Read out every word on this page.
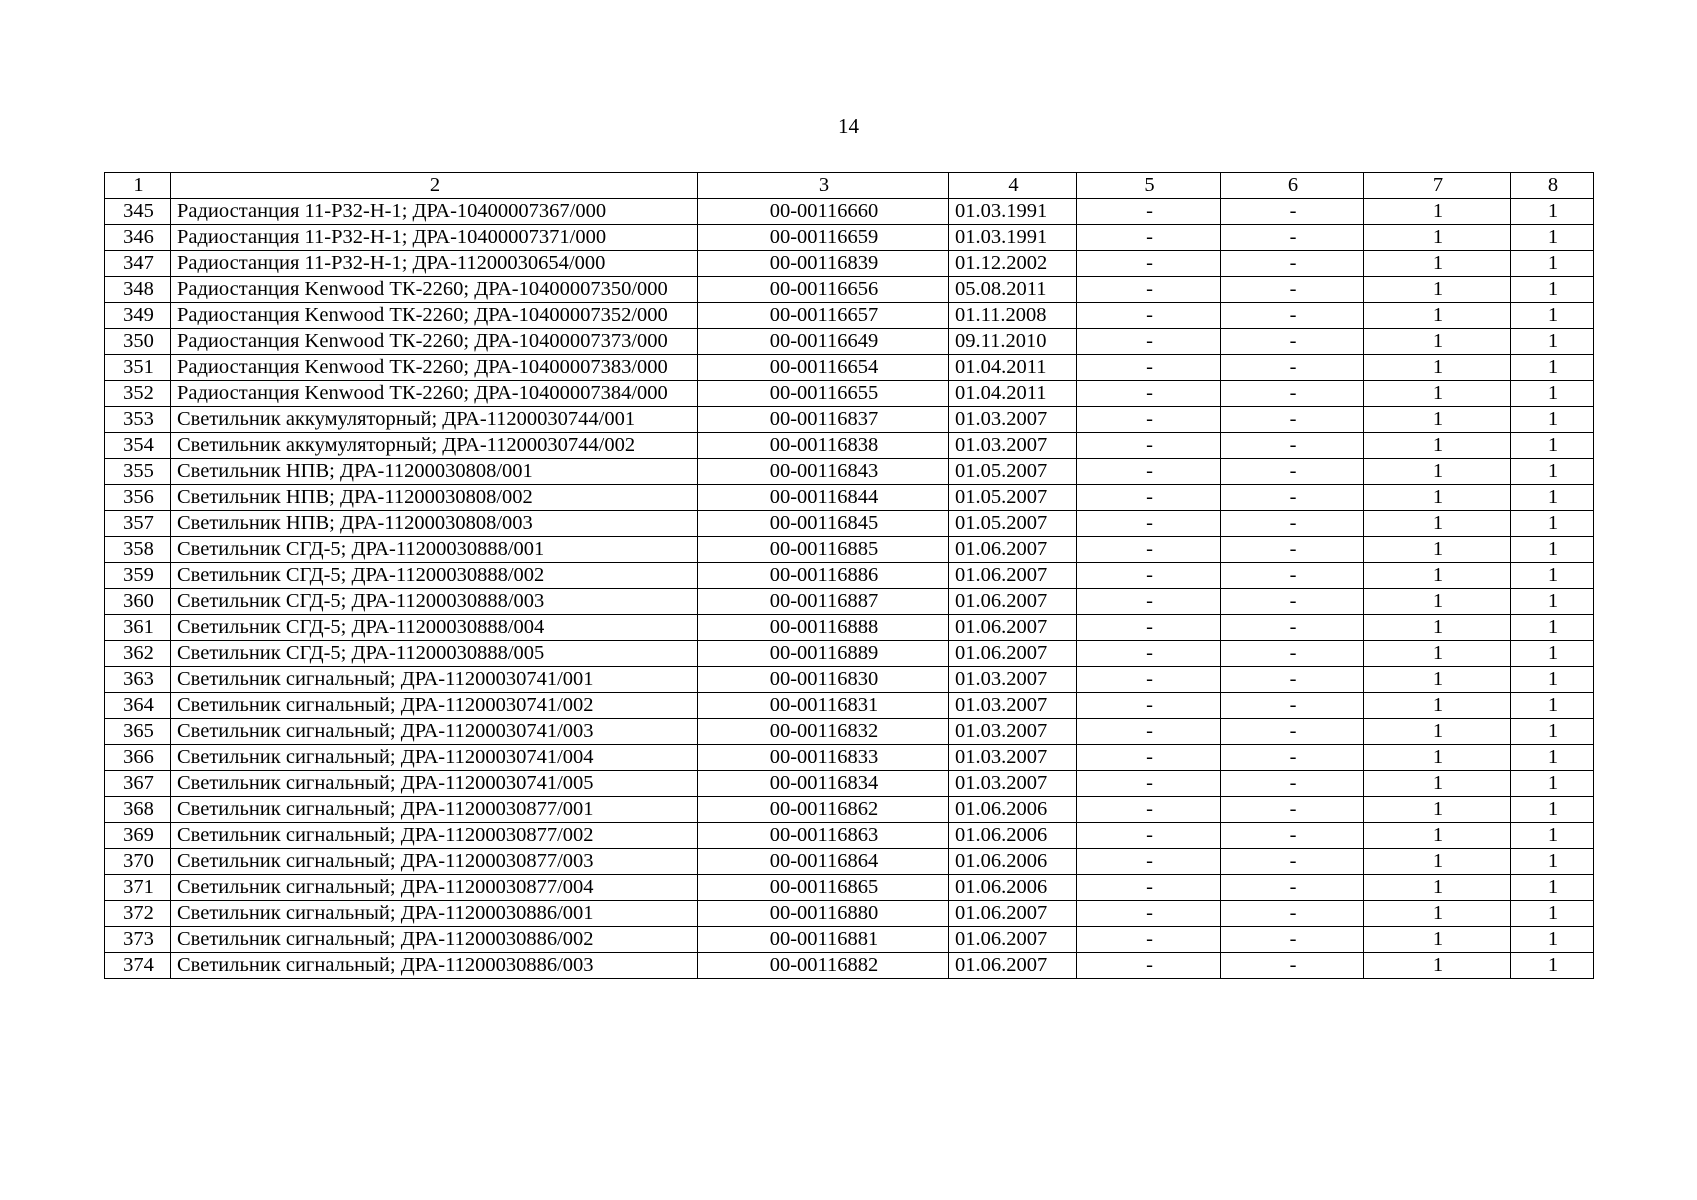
14
1	2	3	4	5	6	7	8
345	Радиостанция 11-Р32-Н-1; ДРА-10400007367/000	00-00116660	01.03.1991	-	-	1	1
346	Радиостанция 11-Р32-Н-1; ДРА-10400007371/000	00-00116659	01.03.1991	-	-	1	1
347	Радиостанция 11-Р32-Н-1; ДРА-11200030654/000	00-00116839	01.12.2002	-	-	1	1
348	Радиостанция Kenwood ТК-2260; ДРА-10400007350/000	00-00116656	05.08.2011	-	-	1	1
349	Радиостанция Kenwood ТК-2260; ДРА-10400007352/000	00-00116657	01.11.2008	-	-	1	1
350	Радиостанция Kenwood ТК-2260; ДРА-10400007373/000	00-00116649	09.11.2010	-	-	1	1
351	Радиостанция Kenwood ТК-2260; ДРА-10400007383/000	00-00116654	01.04.2011	-	-	1	1
352	Радиостанция Kenwood ТК-2260; ДРА-10400007384/000	00-00116655	01.04.2011	-	-	1	1
353	Светильник аккумуляторный; ДРА-11200030744/001	00-00116837	01.03.2007	-	-	1	1
354	Светильник аккумуляторный; ДРА-11200030744/002	00-00116838	01.03.2007	-	-	1	1
355	Светильник НПВ; ДРА-11200030808/001	00-00116843	01.05.2007	-	-	1	1
356	Светильник НПВ; ДРА-11200030808/002	00-00116844	01.05.2007	-	-	1	1
357	Светильник НПВ; ДРА-11200030808/003	00-00116845	01.05.2007	-	-	1	1
358	Светильник СГД-5; ДРА-11200030888/001	00-00116885	01.06.2007	-	-	1	1
359	Светильник СГД-5; ДРА-11200030888/002	00-00116886	01.06.2007	-	-	1	1
360	Светильник СГД-5; ДРА-11200030888/003	00-00116887	01.06.2007	-	-	1	1
361	Светильник СГД-5; ДРА-11200030888/004	00-00116888	01.06.2007	-	-	1	1
362	Светильник СГД-5; ДРА-11200030888/005	00-00116889	01.06.2007	-	-	1	1
363	Светильник сигнальный; ДРА-11200030741/001	00-00116830	01.03.2007	-	-	1	1
364	Светильник сигнальный; ДРА-11200030741/002	00-00116831	01.03.2007	-	-	1	1
365	Светильник сигнальный; ДРА-11200030741/003	00-00116832	01.03.2007	-	-	1	1
366	Светильник сигнальный; ДРА-11200030741/004	00-00116833	01.03.2007	-	-	1	1
367	Светильник сигнальный; ДРА-11200030741/005	00-00116834	01.03.2007	-	-	1	1
368	Светильник сигнальный; ДРА-11200030877/001	00-00116862	01.06.2006	-	-	1	1
369	Светильник сигнальный; ДРА-11200030877/002	00-00116863	01.06.2006	-	-	1	1
370	Светильник сигнальный; ДРА-11200030877/003	00-00116864	01.06.2006	-	-	1	1
371	Светильник сигнальный; ДРА-11200030877/004	00-00116865	01.06.2006	-	-	1	1
372	Светильник сигнальный; ДРА-11200030886/001	00-00116880	01.06.2007	-	-	1	1
373	Светильник сигнальный; ДРА-11200030886/002	00-00116881	01.06.2007	-	-	1	1
374	Светильник сигнальный; ДРА-11200030886/003	00-00116882	01.06.2007	-	-	1	1
